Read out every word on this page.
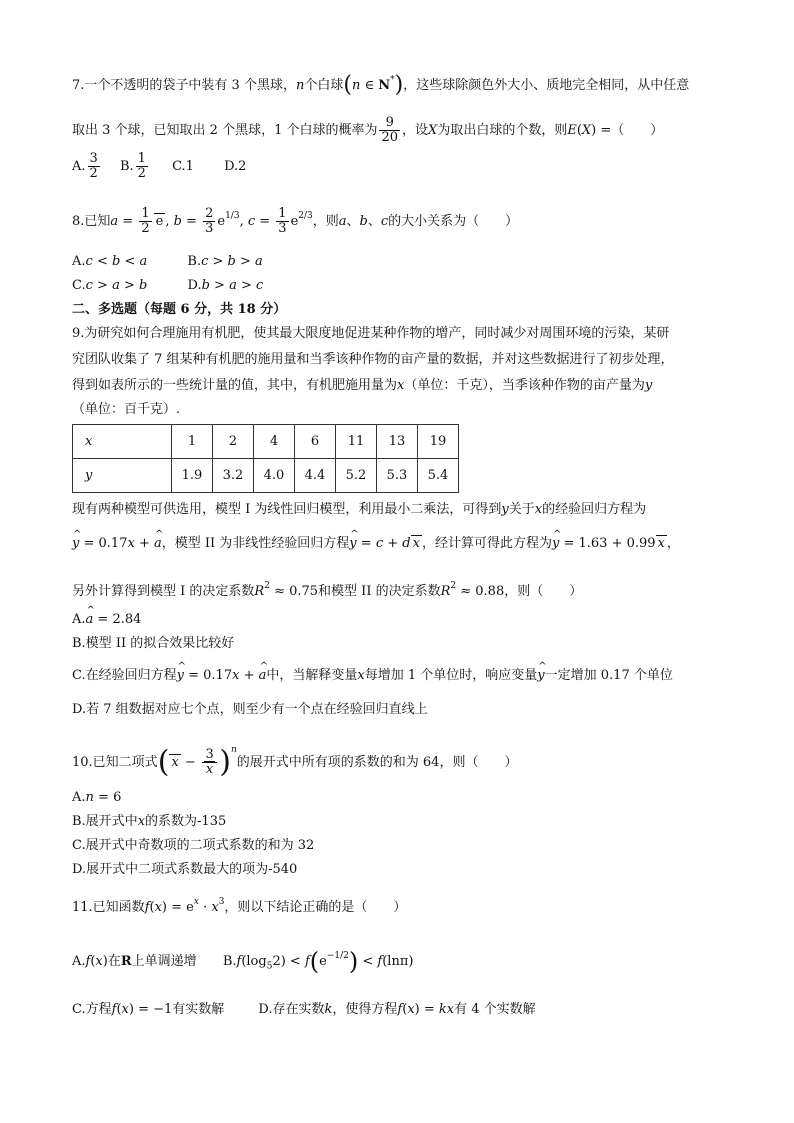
7.一个不透明的袋子中装有 3 个黑球，n个白球(n ∈ N*)，这些球除颜色外大小、质地完全相同，从中任意
取出 3 个球，已知取出 2 个黑球，1 个白球的概率为 $\frac{9}{20}$ ，设X为取出白球的个数，则E(X) =（　　）
A. $\frac{3}{2} B$. $\frac{1}{2} C.1$ D.2
8.已知$a = \frac{1}{2}$ e , $b = \frac{2}{3} e^{1/3}$, $c = \frac{1}{3} e^{2/3}$，则a、b、c的大小关系为（　　）
A.c < b < a	B.c > b > a
C.c > a > b	D.b > a > c
二、多选题（每题 6 分，共 18 分）
9.为研究如何合理施用有机肥，使其最大限度地促进某种作物的增产，同时减少对周围环境的污染，某研
究团队收集了 7 组某种有机肥的施用量和当季该种作物的亩产量的数据，并对这些数据进行了初步处理，
得到如表所示的一些统计量的值，其中，有机肥施用量为x（单位：千克），当季该种作物的亩产量为y
（单位：百千克）.
x	1	2	4	6	11	13	19
y	1.9	3.2	4.0	4.4	5.2	5.3	5.4
现有两种模型可供选用，模型 I 为线性回归模型，利用最小二乘法，可得到y关于x的经验回归方程为
^ y = 0.17x + ^ a，模型 II 为非线性经验回归方程^ y = c + d x ，经计算可得此方程为^ y = 1.63 + 0.99 x ，
另外计算得到模型 I 的决定系数$R^2 \approx 0.75$和模型 II 的决定系数$R^2 \approx 0.88$，则（　　）
A.^ a = 2.84
B.模型 II 的拟合效果比较好
C.在经验回归方程^ y = 0.17x + ^ a中，当解释变量x每增加 1 个单位时，响应变量^ y一定增加 0.17 个单位
D.若 7 组数据对应七个点，则至少有一个点在经验回归直线上
10.已知二项式( $x - \frac{3}{x} )^n$的展开式中所有项的系数的和为 64，则（　　）
A.n = 6
B.展开式中x的系数为-135
C.展开式中奇数项的二项式系数的和为 32
D.展开式中二项式系数最大的项为-540
11.已知函数$f(x) = e^x \cdot x^3$，则以下结论正确的是（　　）
A.f(x)在R上单调递增 $B.f(\log_52) < f(e^{-1/2}) < f(\ln\pi)$
C.方程f(x) = −1有实数解	D.存在实数k，使得方程f(x) = kx有 4 个实数解
